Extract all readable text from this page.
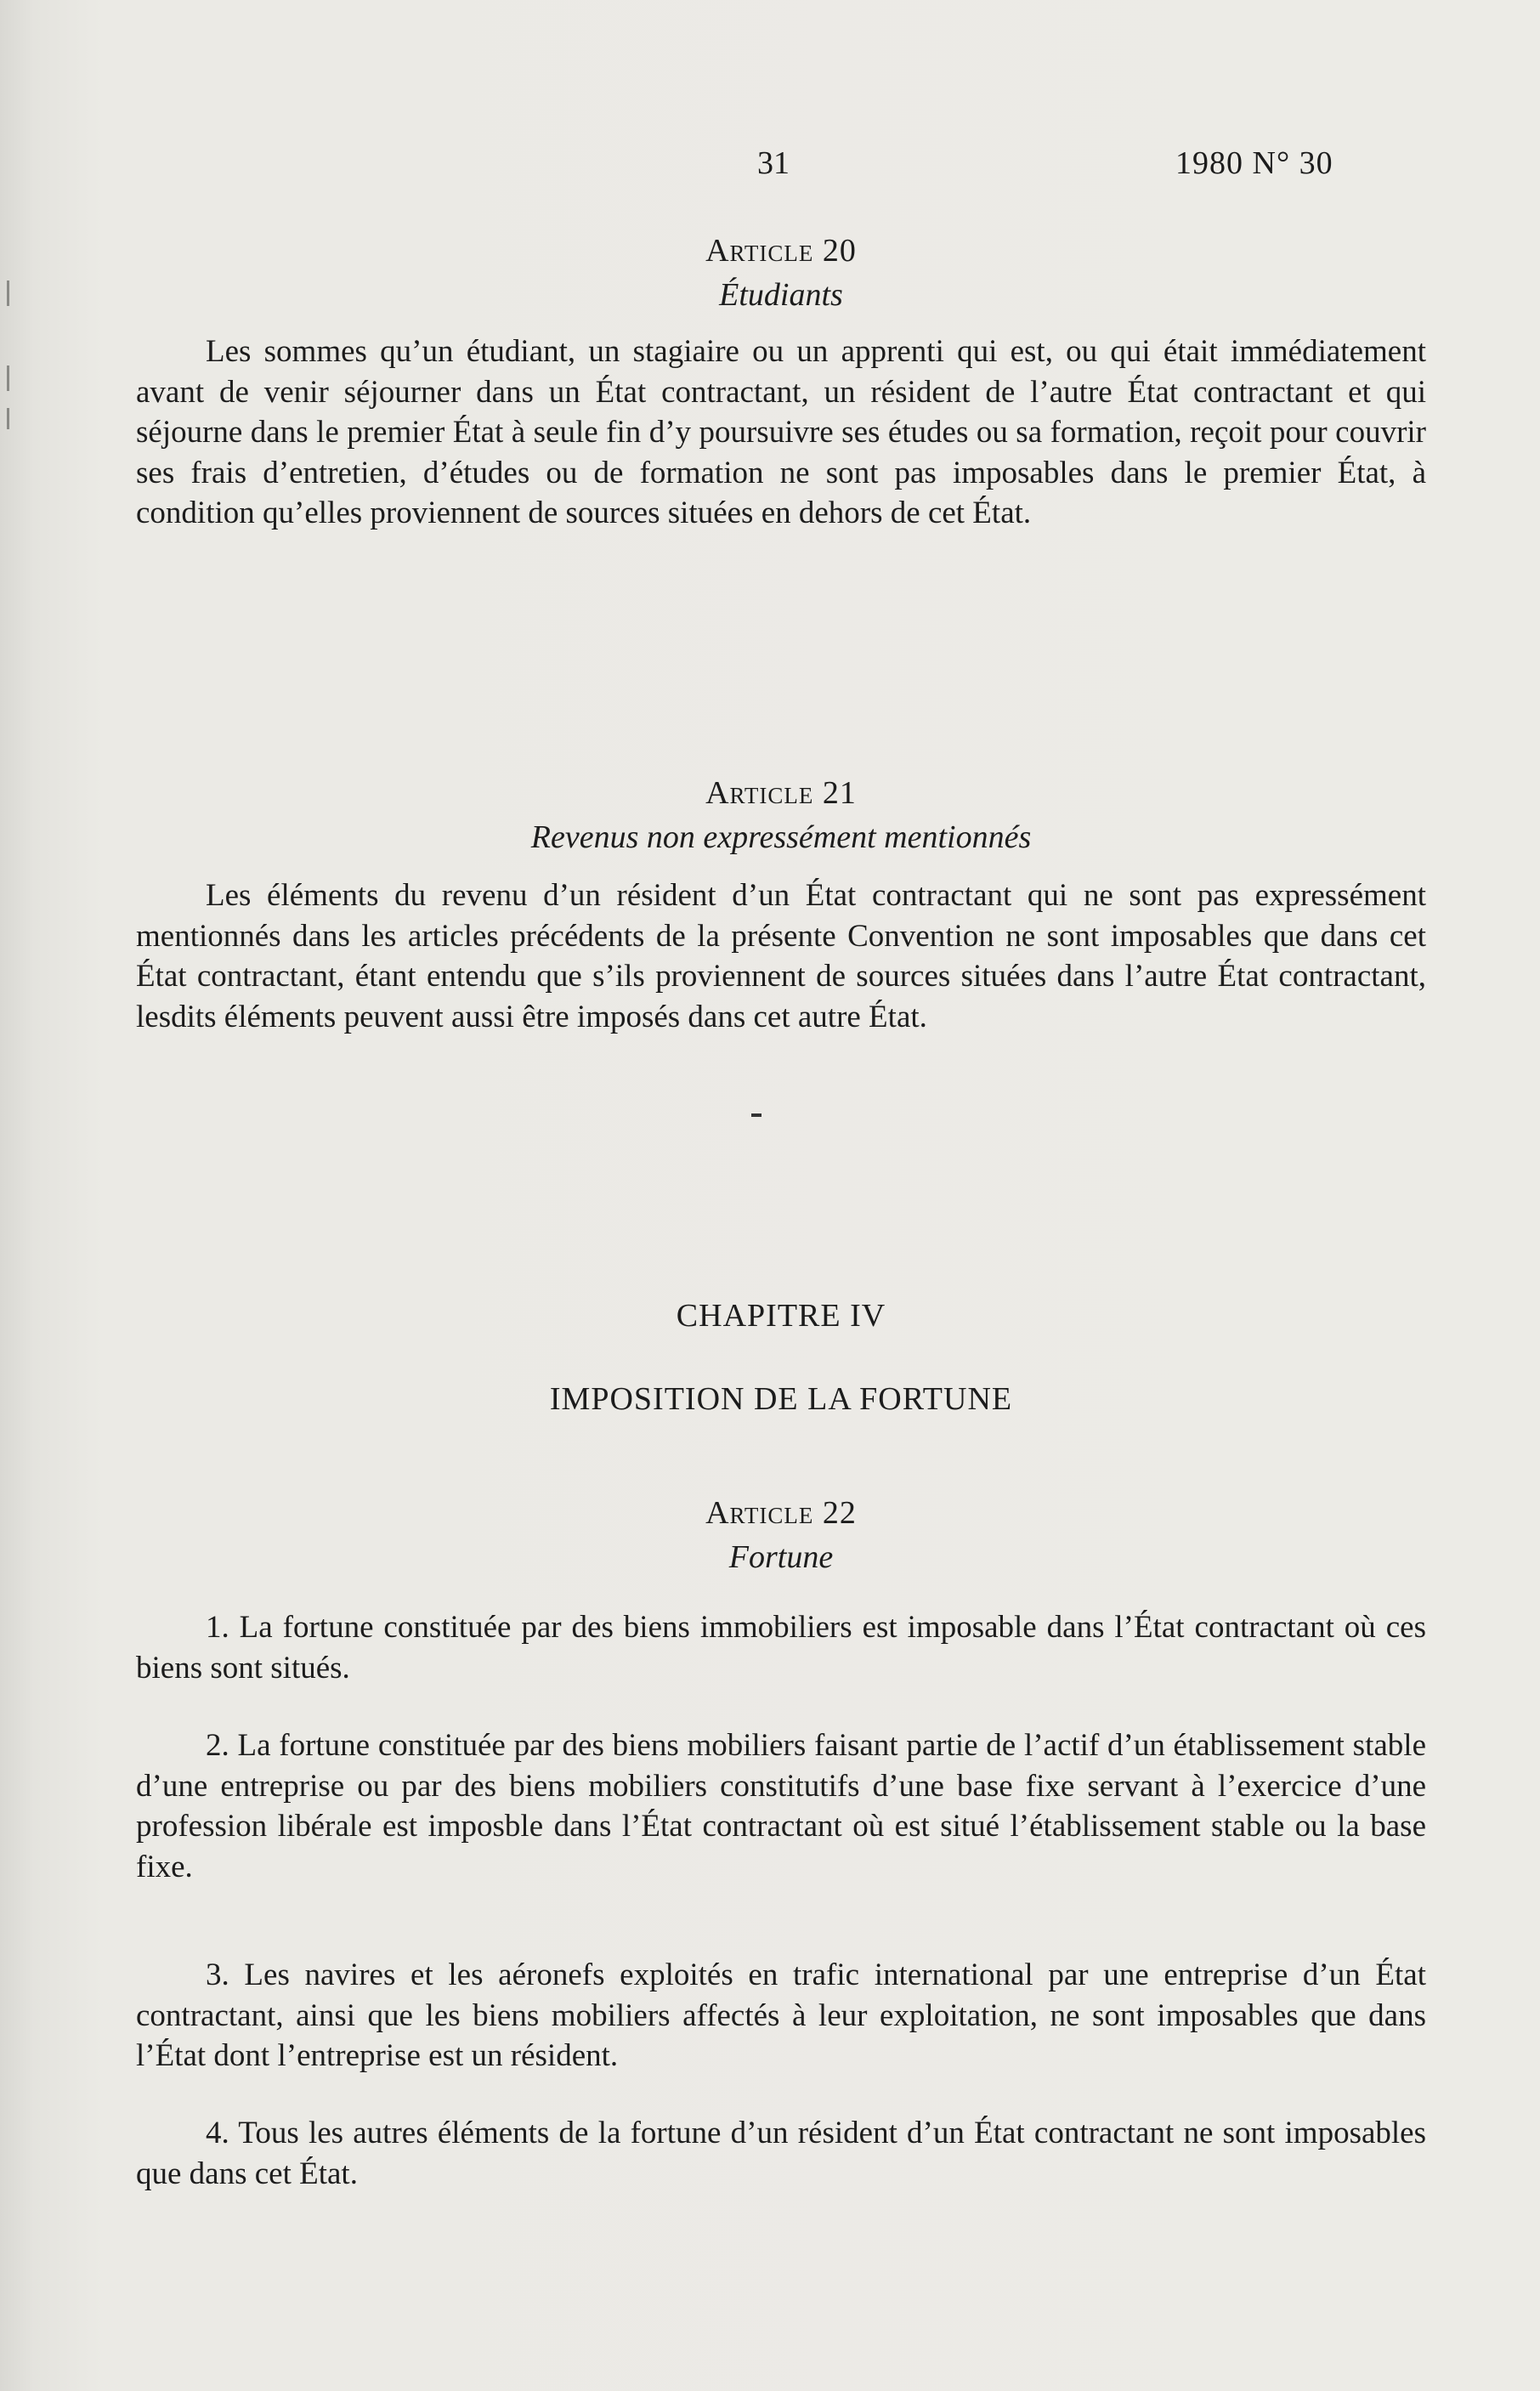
31	1980 N° 30

Article 20

Étudiants

Les sommes qu’un étudiant, un stagiaire ou un apprenti qui est, ou qui était immédiatement avant de venir séjourner dans un État contractant, un résident de l’autre État contractant et qui séjourne dans le premier État à seule fin d’y poursuivre ses études ou sa formation, reçoit pour couvrir ses frais d’entretien, d’études ou de formation ne sont pas imposables dans le premier État, à condition qu’elles proviennent de sources situées en dehors de cet État.

Article 21

Revenus non expressément mentionnés

Les éléments du revenu d’un résident d’un État contractant qui ne sont pas expressément mentionnés dans les articles précédents de la présente Convention ne sont imposables que dans cet État contractant, étant entendu que s’ils proviennent de sources situées dans l’autre État contractant, lesdits éléments peuvent aussi être imposés dans cet autre État.

CHAPITRE IV

IMPOSITION DE LA FORTUNE

Article 22

Fortune

1. La fortune constituée par des biens immobiliers est imposable dans l’État contractant où ces biens sont situés.

2. La fortune constituée par des biens mobiliers faisant partie de l’actif d’un établissement stable d’une entreprise ou par des biens mobiliers constitutifs d’une base fixe servant à l’exercice d’une profession libérale est imposble dans l’État contractant où est situé l’établissement stable ou la base fixe.

3. Les navires et les aéronefs exploités en trafic international par une entreprise d’un État contractant, ainsi que les biens mobiliers affectés à leur exploitation, ne sont imposables que dans l’État dont l’entreprise est un résident.

4. Tous les autres éléments de la fortune d’un résident d’un État contractant ne sont imposables que dans cet État.
